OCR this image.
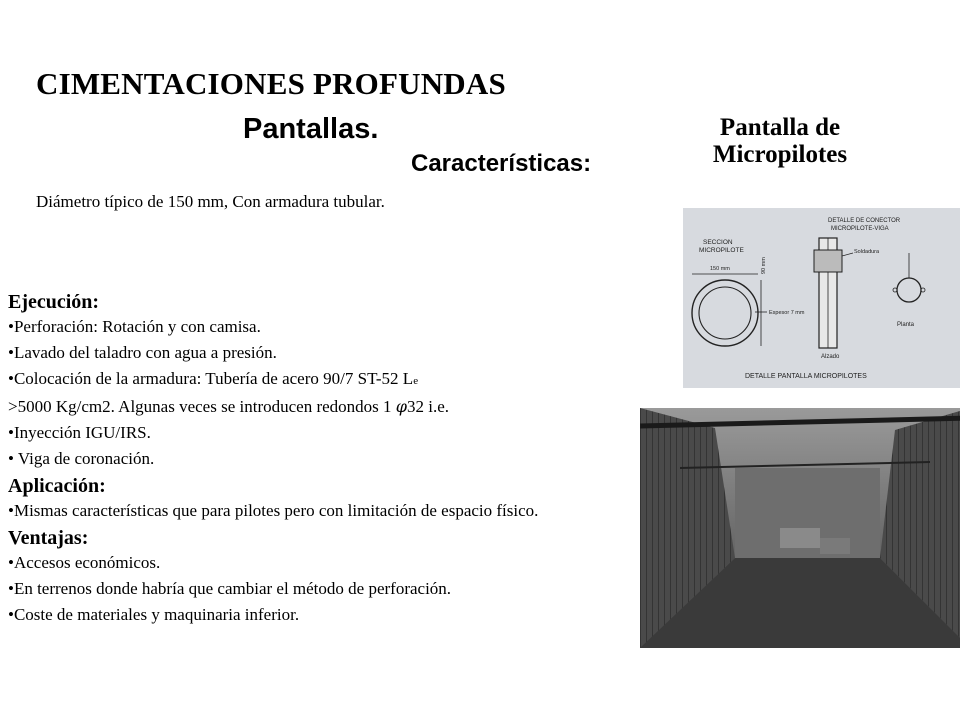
CIMENTACIONES PROFUNDAS
Pantallas.
Características:
Pantalla de
Micropilotes
Diámetro típico de 150 mm, Con armadura tubular.
Ejecución:
•Perforación: Rotación y con camisa.
•Lavado del taladro con agua a presión.
•Colocación de la armadura: Tubería de acero 90/7 ST-52 Le
>5000 Kg/cm2. Algunas veces se introducen redondos 1 φ32 i.e.
•Inyección IGU/IRS.
• Viga de coronación.
Aplicación:
•Mismas características que para pilotes pero con limitación de espacio físico.
Ventajas:
•Accesos económicos.
•En terrenos donde habría que cambiar el método de perforación.
•Coste de materiales y maquinaria inferior.
SECCION
MICROPILOTE
150 mm	90 mm
Espesor 7 mm
DETALLE DE CONECTOR
MICROPILOTE-VIGA
Soldadura
Alzado
Planta
DETALLE PANTALLA MICROPILOTES
